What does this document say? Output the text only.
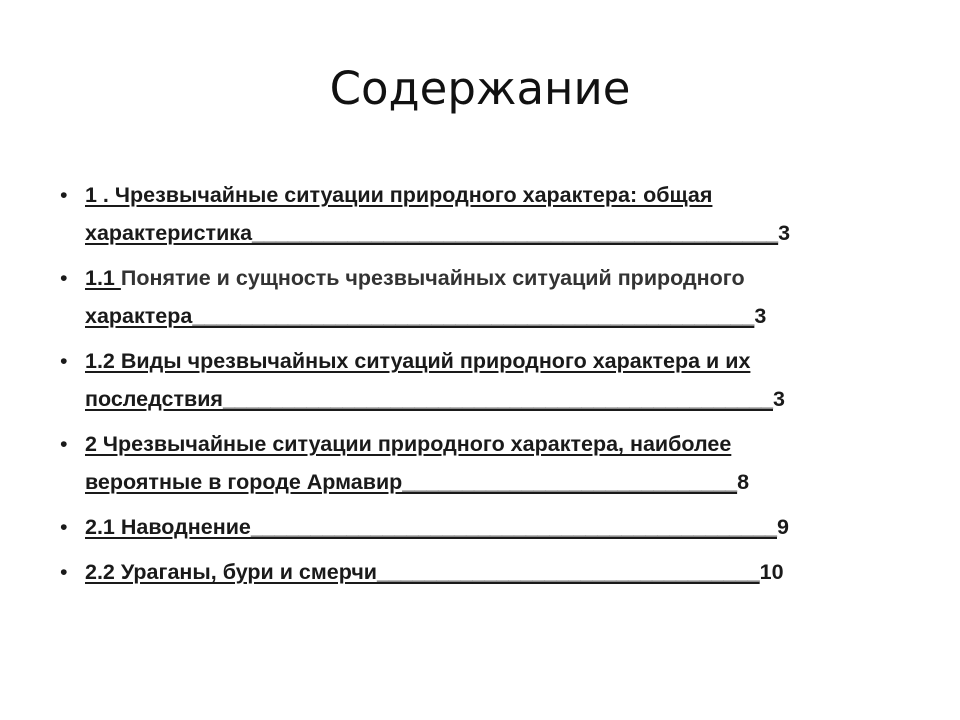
Содержание
• 1 . Чрезвычайные ситуации природного характера: общая
характеристика____________________________________________3
• 1.1 Понятие и сущность чрезвычайных ситуаций природного
характера_______________________________________________3
• 1.2 Виды чрезвычайных ситуаций природного характера и их
последствия______________________________________________3
• 2 Чрезвычайные ситуации природного характера, наиболее
вероятные в городе Армавир____________________________8
• 2.1 Наводнение____________________________________________9
• 2.2 Ураганы, бури и смерчи________________________________10
